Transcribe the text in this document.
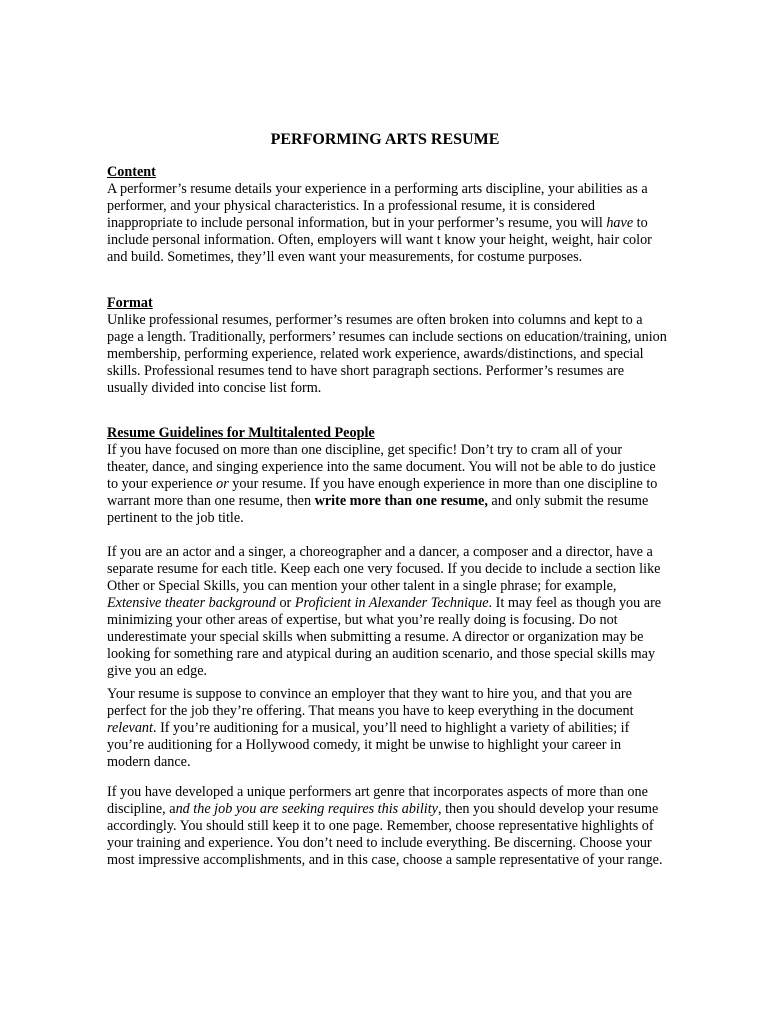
PERFORMING ARTS RESUME
Content

A performer’s resume details your experience in a performing arts discipline, your abilities as a performer, and your physical characteristics. In a professional resume, it is considered inappropriate to include personal information, but in your performer’s resume, you will have to include personal information. Often, employers will want t know your height, weight, hair color and build. Sometimes, they’ll even want your measurements, for costume purposes.

Format

Unlike professional resumes, performer’s resumes are often broken into columns and kept to a page a length. Traditionally, performers’ resumes can include sections on education/training, union membership, performing experience, related work experience, awards/distinctions, and special skills. Professional resumes tend to have short paragraph sections. Performer’s resumes are usually divided into concise list form.

Resume Guidelines for Multitalented People

If you have focused on more than one discipline, get specific! Don’t try to cram all of your theater, dance, and singing experience into the same document. You will not be able to do justice to your experience or your resume. If you have enough experience in more than one discipline to warrant more than one resume, then write more than one resume, and only submit the resume pertinent to the job title.

If you are an actor and a singer, a choreographer and a dancer, a composer and a director, have a separate resume for each title. Keep each one very focused. If you decide to include a section like Other or Special Skills, you can mention your other talent in a single phrase; for example, Extensive theater background or Proficient in Alexander Technique. It may feel as though you are minimizing your other areas of expertise, but what you’re really doing is focusing. Do not underestimate your special skills when submitting a resume. A director or organization may be looking for something rare and atypical during an audition scenario, and those special skills may give you an edge.

Your resume is suppose to convince an employer that they want to hire you, and that you are perfect for the job they’re offering. That means you have to keep everything in the document relevant. If you’re auditioning for a musical, you’ll need to highlight a variety of abilities; if you’re auditioning for a Hollywood comedy, it might be unwise to highlight your career in modern dance.

If you have developed a unique performers art genre that incorporates aspects of more than one discipline, and the job you are seeking requires this ability, then you should develop your resume accordingly. You should still keep it to one page. Remember, choose representative highlights of your training and experience. You don’t need to include everything. Be discerning. Choose your most impressive accomplishments, and in this case, choose a sample representative of your range.
